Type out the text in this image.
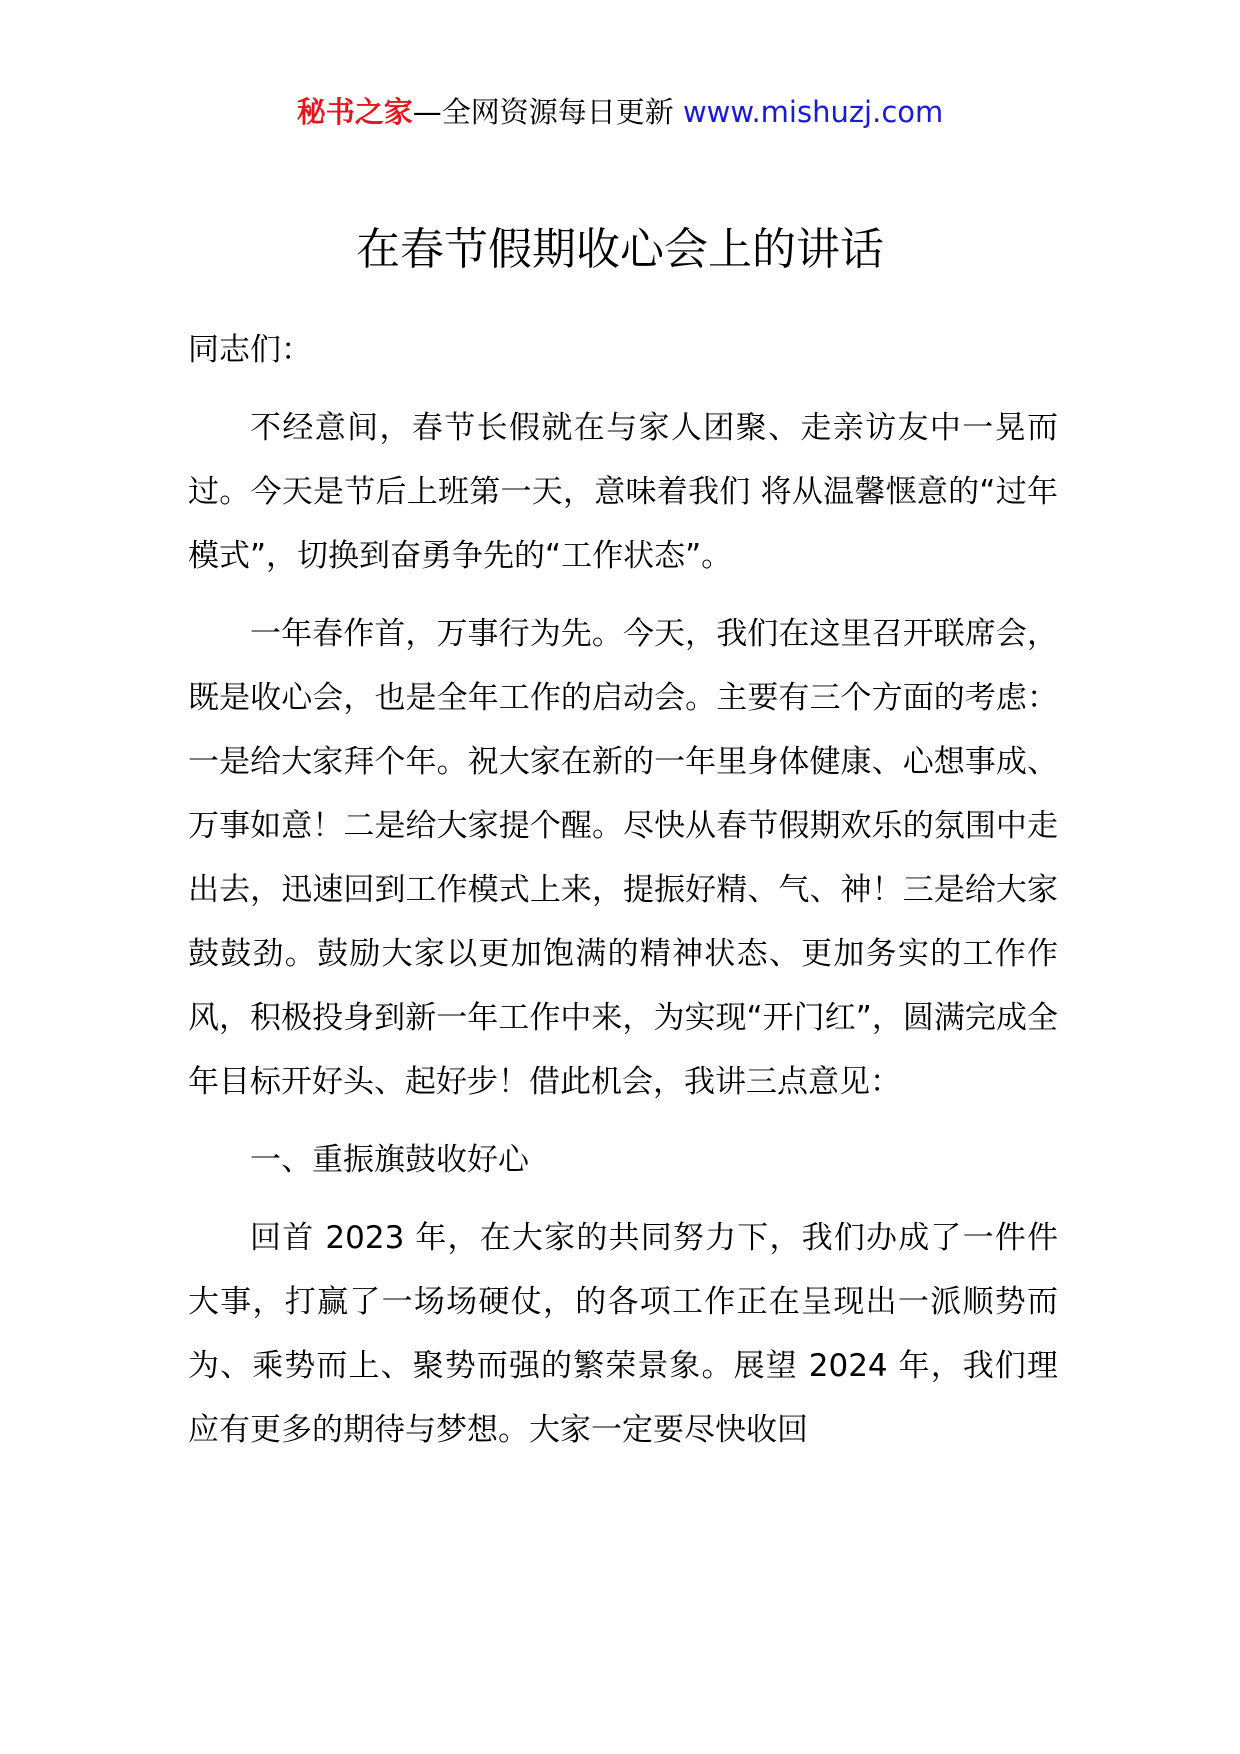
秘书之家—全网资源每日更新 www.mishuzj.com
在春节假期收心会上的讲话

同志们：

不经意间，春节长假就在与家人团聚、走亲访友中一晃而过。今天是节后上班第一天，意味着我们 将从温馨惬意的“过年模式”，切换到奋勇争先的“工作状态”。

一年春作首，万事行为先。今天，我们在这里召开联席会，既是收心会，也是全年工作的启动会。主要有三个方面的考虑： 一是给大家拜个年。祝大家在新的一年里身体健康、心想事成、万事如意！二是给大家提个醒。尽快从春节假期欢乐的氛围中走出去，迅速回到工作模式上来，提振好精、气、神！三是给大家鼓鼓劲。鼓励大家以更加饱满的精神状态、更加务实的工作作风，积极投身到新一年工作中来，为实现“开门红”，圆满完成全年目标开好头、起好步！借此机会，我讲三点意见：

一、重振旗鼓收好心

回首 2023 年，在大家的共同努力下，我们办成了一件件大事，打赢了一场场硬仗，的各项工作正在呈现出一派顺势而为、乘势而上、聚势而强的繁荣景象。展望 2024 年，我们理应有更多的期待与梦想。大家一定要尽快收回
